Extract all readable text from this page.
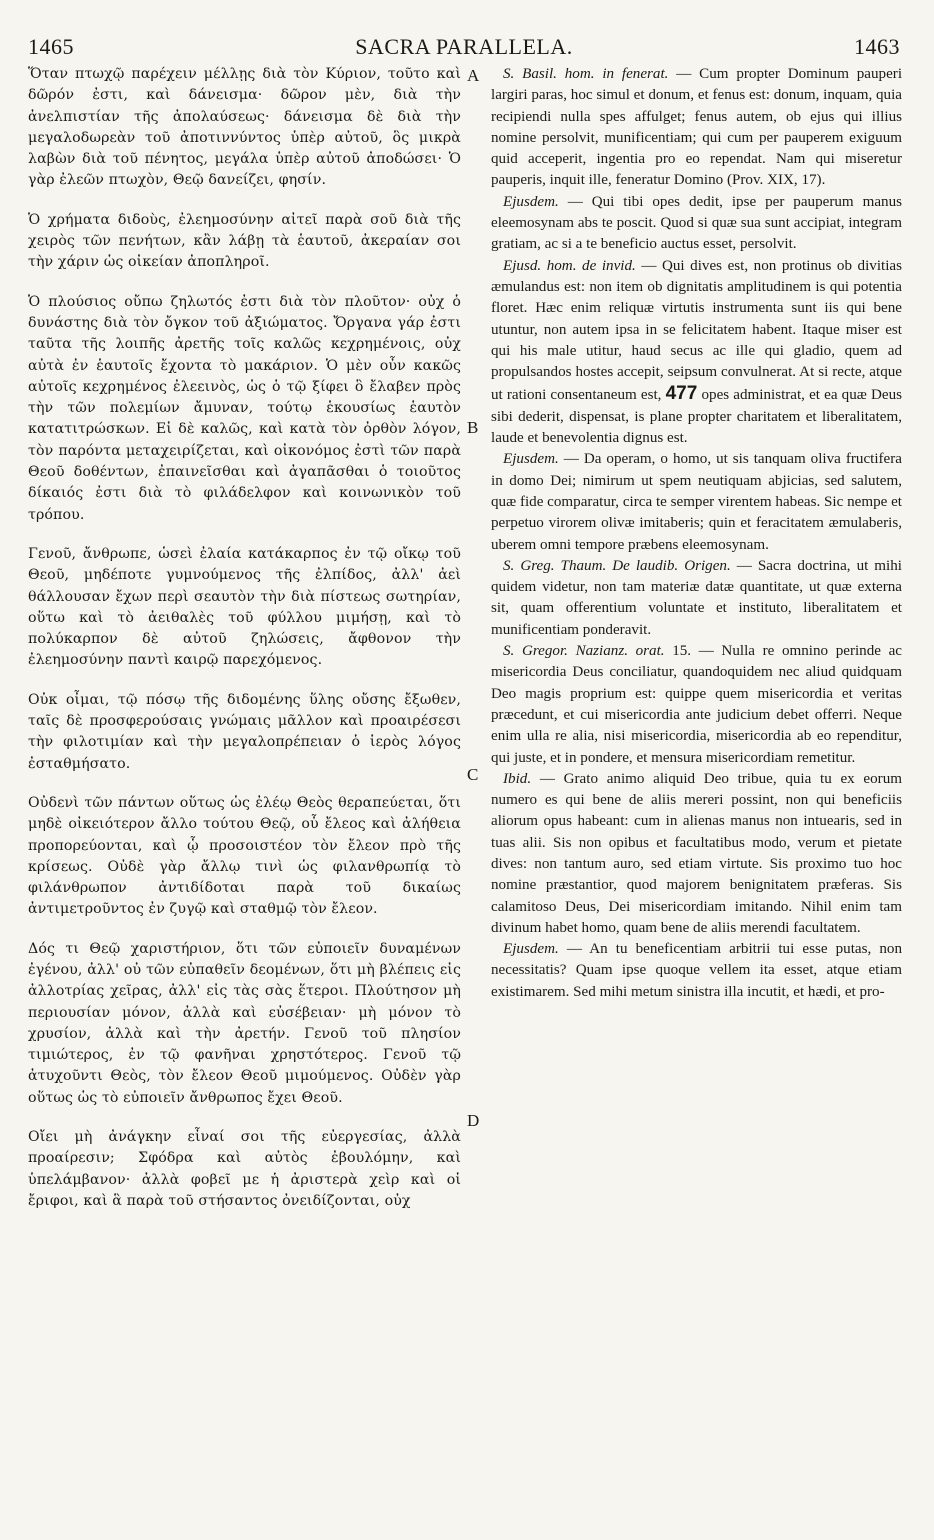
1465	SACRA PARALLELA.	1463

Ὅταν πτωχῷ παρέχειν μέλλῃς διὰ τὸν Κύριον, τοῦτο καὶ δῶρόν ἐστι, καὶ δάνεισμα· δῶρον μὲν, διὰ τὴν ἀνελπιστίαν τῆς ἀπολαύσεως· δάνεισμα δὲ διὰ τὴν μεγαλοδωρεὰν τοῦ ἀποτιννύντος ὑπὲρ αὐτοῦ, ὃς μικρὰ λαβὼν διὰ τοῦ πένητος, μεγάλα ὑπὲρ αὐτοῦ ἀποδώσει· Ὁ γὰρ ἐλεῶν πτωχὸν, Θεῷ δανείζει, φησίν.

Ὁ χρήματα διδοὺς, ἐλεημοσύνην αἰτεῖ παρὰ σοῦ διὰ τῆς χειρὸς τῶν πενήτων, κἂν λάβῃ τὰ ἑαυτοῦ, ἀκεραίαν σοι τὴν χάριν ὡς οἰκείαν ἀποπληροῖ.

Ὁ πλούσιος οὔπω ζηλωτός ἐστι διὰ τὸν πλοῦτον· οὐχ ὁ δυνάστης διὰ τὸν ὄγκον τοῦ ἀξιώματος. Ὄργανα γάρ ἐστι ταῦτα τῆς λοιπῆς ἀρετῆς τοῖς καλῶς κεχρημένοις, οὐχ αὐτὰ ἐν ἑαυτοῖς ἔχοντα τὸ μακάριον. Ὁ μὲν οὖν κακῶς αὐτοῖς κεχρημένος ἐλεεινὸς, ὡς ὁ τῷ ξίφει ὃ ἔλαβεν πρὸς τὴν τῶν πολεμίων ἄμυναν, τούτῳ ἑκουσίως ἑαυτὸν κατατιτρώσκων. Εἰ δὲ καλῶς, καὶ κατὰ τὸν ὀρθὸν λόγον, τὸν παρόντα μεταχειρίζεται, καὶ οἰκονόμος ἐστὶ τῶν παρὰ Θεοῦ δοθέντων, ἐπαινεῖσθαι καὶ ἀγαπᾶσθαι ὁ τοιοῦτος δίκαιός ἐστι διὰ τὸ φιλάδελφον καὶ κοινωνικὸν τοῦ τρόπου.

Γενοῦ, ἄνθρωπε, ὡσεὶ ἐλαία κατάκαρπος ἐν τῷ οἴκῳ τοῦ Θεοῦ, μηδέποτε γυμνούμενος τῆς ἐλπίδος, ἀλλ' ἀεὶ θάλλουσαν ἔχων περὶ σεαυτὸν τὴν διὰ πίστεως σωτηρίαν, οὕτω καὶ τὸ ἀειθαλὲς τοῦ φύλλου μιμήσῃ, καὶ τὸ πολύκαρπον δὲ αὐτοῦ ζηλώσεις, ἄφθονον τὴν ἐλεημοσύνην παντὶ καιρῷ παρεχόμενος.

Οὐκ οἶμαι, τῷ πόσῳ τῆς διδομένης ὕλης οὔσης ἔξωθεν, ταῖς δὲ προσφερούσαις γνώμαις μᾶλλον καὶ προαιρέσεσι τὴν φιλοτιμίαν καὶ τὴν μεγαλοπρέπειαν ὁ ἱερὸς λόγος ἐσταθμήσατο.

Οὐδενὶ τῶν πάντων οὕτως ὡς ἐλέῳ Θεὸς θεραπεύεται, ὅτι μηδὲ οἰκειότερον ἄλλο τούτου Θεῷ, οὗ ἔλεος καὶ ἀλήθεια προπορεύονται, καὶ ᾧ προσοιστέον τὸν ἔλεον πρὸ τῆς κρίσεως. Οὐδὲ γὰρ ἄλλῳ τινὶ ὡς φιλανθρωπίᾳ τὸ φιλάνθρωπον ἀντιδίδοται παρὰ τοῦ δικαίως ἀντιμετροῦντος ἐν ζυγῷ καὶ σταθμῷ τὸν ἔλεον.

Δός τι Θεῷ χαριστήριον, ὅτι τῶν εὐποιεῖν δυναμένων ἐγένου, ἀλλ' οὐ τῶν εὐπαθεῖν δεομένων, ὅτι μὴ βλέπεις εἰς ἀλλοτρίας χεῖρας, ἀλλ' εἰς τὰς σὰς ἕτεροι. Πλούτησον μὴ περιουσίαν μόνον, ἀλλὰ καὶ εὐσέβειαν· μὴ μόνον τὸ χρυσίον, ἀλλὰ καὶ τὴν ἀρετήν. Γενοῦ τοῦ πλησίον τιμιώτερος, ἐν τῷ φανῆναι χρηστότερος. Γενοῦ τῷ ἀτυχοῦντι Θεὸς, τὸν ἔλεον Θεοῦ μιμούμενος. Οὐδὲν γὰρ οὕτως ὡς τὸ εὐποιεῖν ἄνθρωπος ἔχει Θεοῦ.

Οἴει μὴ ἀνάγκην εἶναί σοι τῆς εὐεργεσίας, ἀλλὰ προαίρεσιν; Σφόδρα καὶ αὐτὸς ἐβουλόμην, καὶ ὑπελάμβανον· ἀλλὰ φοβεῖ με ἡ ἀριστερὰ χεὶρ καὶ οἱ ἔριφοι, καὶ ἃ παρὰ τοῦ στήσαντος ὀνειδίζονται, οὐχ

A
B
C
D

S. Basil. hom. in fenerat. — Cum propter Dominum pauperi largiri paras, hoc simul et donum, et fenus est: donum, inquam, quia recipiendi nulla spes affulget; fenus autem, ob ejus qui illius nomine persolvit, munificentiam; qui cum per pauperem exiguum quid acceperit, ingentia pro eo rependat. Nam qui miseretur pauperis, inquit ille, feneratur Domino (Prov. XIX, 17).

Ejusdem. — Qui tibi opes dedit, ipse per pauperum manus eleemosynam abs te poscit. Quod si quæ sua sunt accipiat, integram gratiam, ac si a te beneficio auctus esset, persolvit.

Ejusd. hom. de invid. — Qui dives est, non protinus ob divitias æmulandus est: non item ob dignitatis amplitudinem is qui potentia floret. Hæc enim reliquæ virtutis instrumenta sunt iis qui bene utuntur, non autem ipsa in se felicitatem habent. Itaque miser est qui his male utitur, haud secus ac ille qui gladio, quem ad propulsandos hostes accepit, seipsum convulnerat. At si recte, atque ut rationi consentaneum est, 477 opes administrat, et ea quæ Deus sibi dederit, dispensat, is plane propter charitatem et liberalitatem, laude et benevolentia dignus est.

Ejusdem. — Da operam, o homo, ut sis tanquam oliva fructifera in domo Dei; nimirum ut spem neutiquam abjicias, sed salutem, quæ fide comparatur, circa te semper virentem habeas. Sic nempe et perpetuo virorem olivæ imitaberis; quin et feracitatem æmulaberis, uberem omni tempore præbens eleemosynam.

S. Greg. Thaum. De laudib. Origen. — Sacra doctrina, ut mihi quidem videtur, non tam materiæ datæ quantitate, ut quæ externa sit, quam offerentium voluntate et instituto, liberalitatem et munificentiam ponderavit.

S. Gregor. Nazianz. orat. 15. — Nulla re omnino perinde ac misericordia Deus conciliatur, quandoquidem nec aliud quidquam Deo magis proprium est: quippe quem misericordia et veritas præcedunt, et cui misericordia ante judicium debet offerri. Neque enim ulla re alia, nisi misericordia, misericordia ab eo rependitur, qui juste, et in pondere, et mensura misericordiam remetitur.

Ibid. — Grato animo aliquid Deo tribue, quia tu ex eorum numero es qui bene de aliis mereri possint, non qui beneficiis aliorum opus habeant: cum in alienas manus non intuearis, sed in tuas alii. Sis non opibus et facultatibus modo, verum et pietate dives: non tantum auro, sed etiam virtute. Sis proximo tuo hoc nomine præstantior, quod majorem benignitatem præferas. Sis calamitoso Deus, Dei misericordiam imitando. Nihil enim tam divinum habet homo, quam bene de aliis merendi facultatem.

Ejusdem. — An tu beneficentiam arbitrii tui esse putas, non necessitatis? Quam ipse quoque vellem ita esset, atque etiam existimarem. Sed mihi metum sinistra illa incutit, et hædi, et pro-
